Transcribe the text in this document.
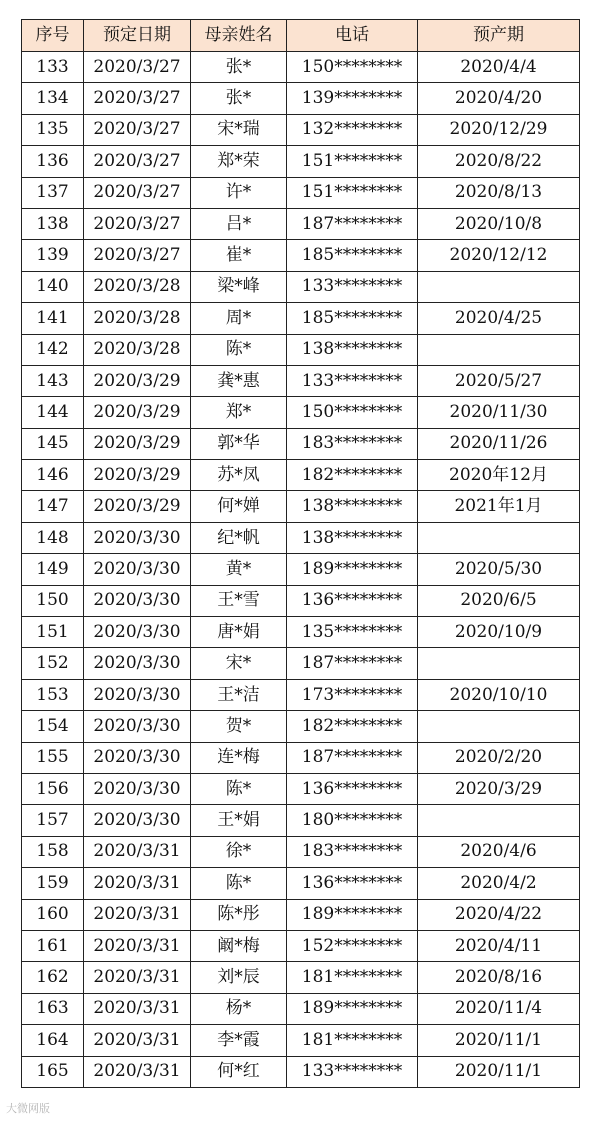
序号	预定日期	母亲姓名	电话	预产期
133	2020/3/27	张*	150********	2020/4/4
134	2020/3/27	张*	139********	2020/4/20
135	2020/3/27	宋*瑞	132********	2020/12/29
136	2020/3/27	郑*荣	151********	2020/8/22
137	2020/3/27	许*	151********	2020/8/13
138	2020/3/27	吕*	187********	2020/10/8
139	2020/3/27	崔*	185********	2020/12/12
140	2020/3/28	梁*峰	133********	
141	2020/3/28	周*	185********	2020/4/25
142	2020/3/28	陈*	138********	
143	2020/3/29	龚*惠	133********	2020/5/27
144	2020/3/29	郑*	150********	2020/11/30
145	2020/3/29	郭*华	183********	2020/11/26
146	2020/3/29	苏*凤	182********	2020年12月
147	2020/3/29	何*婵	138********	2021年1月
148	2020/3/30	纪*帆	138********	
149	2020/3/30	黄*	189********	2020/5/30
150	2020/3/30	王*雪	136********	2020/6/5
151	2020/3/30	唐*娟	135********	2020/10/9
152	2020/3/30	宋*	187********	
153	2020/3/30	王*洁	173********	2020/10/10
154	2020/3/30	贺*	182********	
155	2020/3/30	连*梅	187********	2020/2/20
156	2020/3/30	陈*	136********	2020/3/29
157	2020/3/30	王*娟	180********	
158	2020/3/31	徐*	183********	2020/4/6
159	2020/3/31	陈*	136********	2020/4/2
160	2020/3/31	陈*彤	189********	2020/4/22
161	2020/3/31	阚*梅	152********	2020/4/11
162	2020/3/31	刘*辰	181********	2020/8/16
163	2020/3/31	杨*	189********	2020/11/4
164	2020/3/31	李*霞	181********	2020/11/1
165	2020/3/31	何*红	133********	2020/11/1
大微网版
